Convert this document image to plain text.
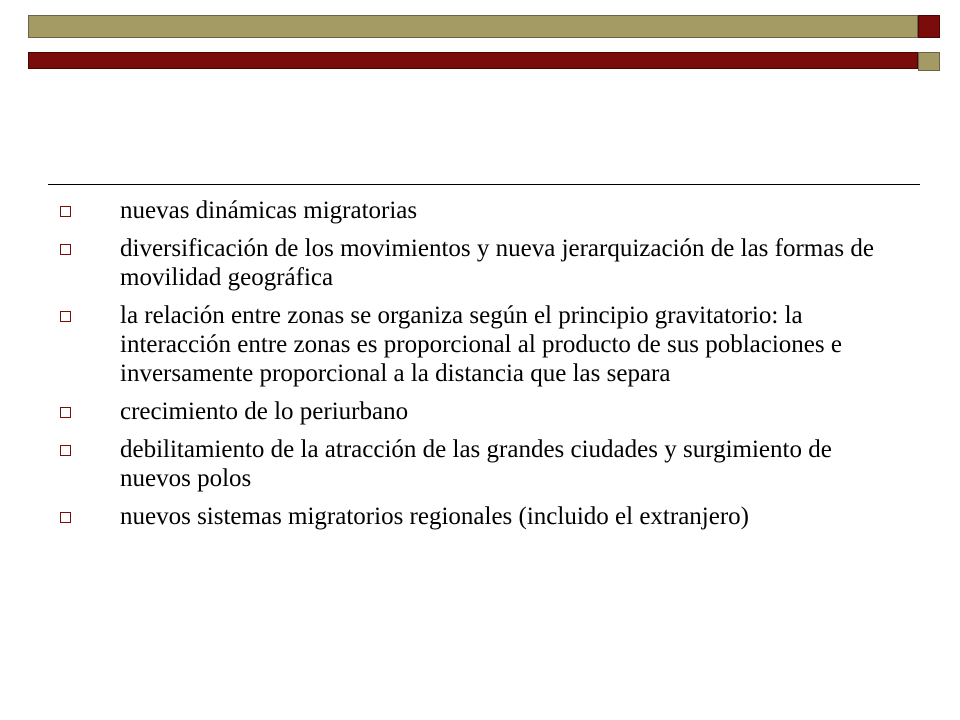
nuevas dinámicas migratorias
diversificación de los movimientos y nueva jerarquización de las formas de movilidad geográfica
la relación entre zonas se organiza según el principio gravitatorio: la interacción entre zonas es proporcional al producto de sus poblaciones e inversamente proporcional a la distancia que las separa
crecimiento de lo periurbano
debilitamiento de la atracción de las grandes ciudades y surgimiento de nuevos polos
nuevos sistemas migratorios regionales (incluido el extranjero)
